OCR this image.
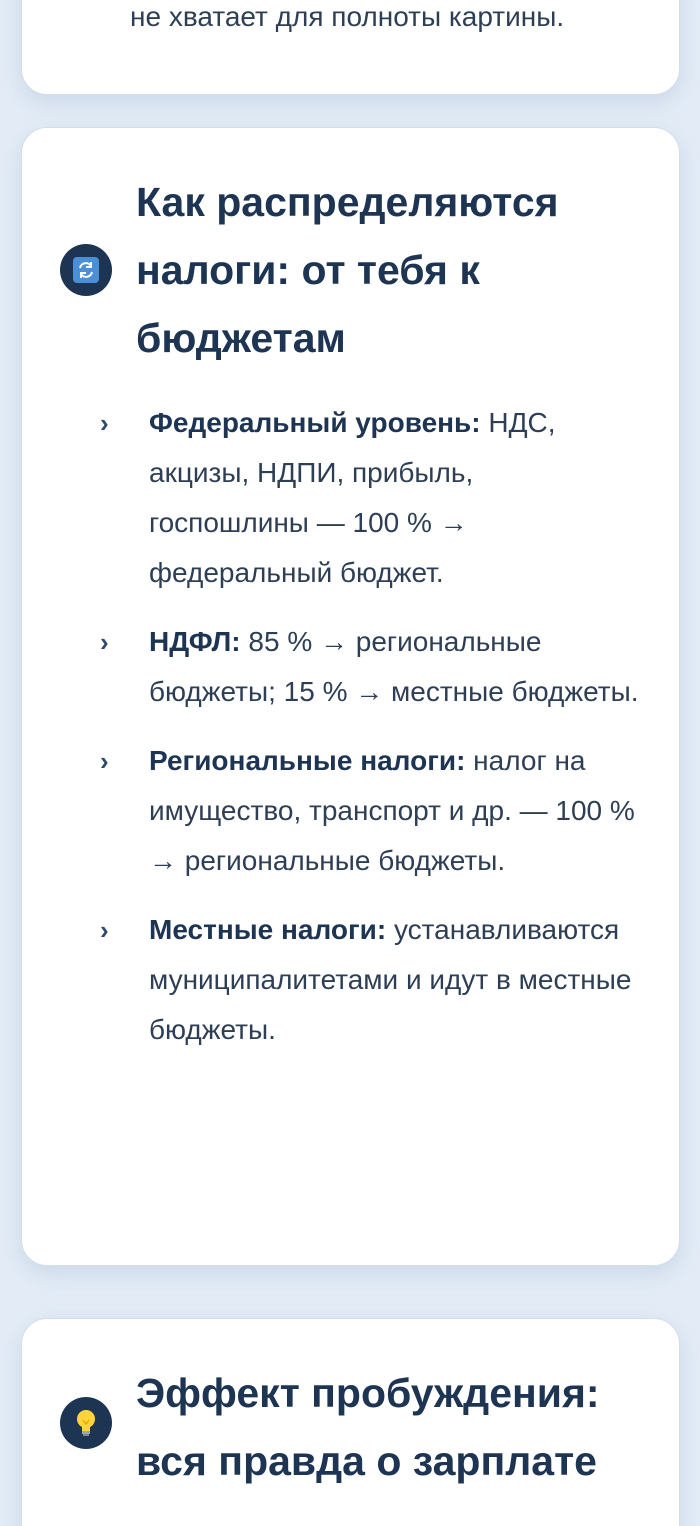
не хватает для полноты картины.
Как распределяются
налоги: от тебя к
бюджетам
› Федеральный уровень: НДС, акцизы, НДПИ, прибыль, госпошлины — 100 % → федеральный бюджет.
› НДФЛ: 85 % → региональные бюджеты; 15 % → местные бюджеты.
› Региональные налоги: налог на имущество, транспорт и др. — 100 % → региональные бюджеты.
› Местные налоги: устанавливаются муниципалитетами и идут в местные бюджеты.
Эффект пробуждения:
вся правда о зарплате
